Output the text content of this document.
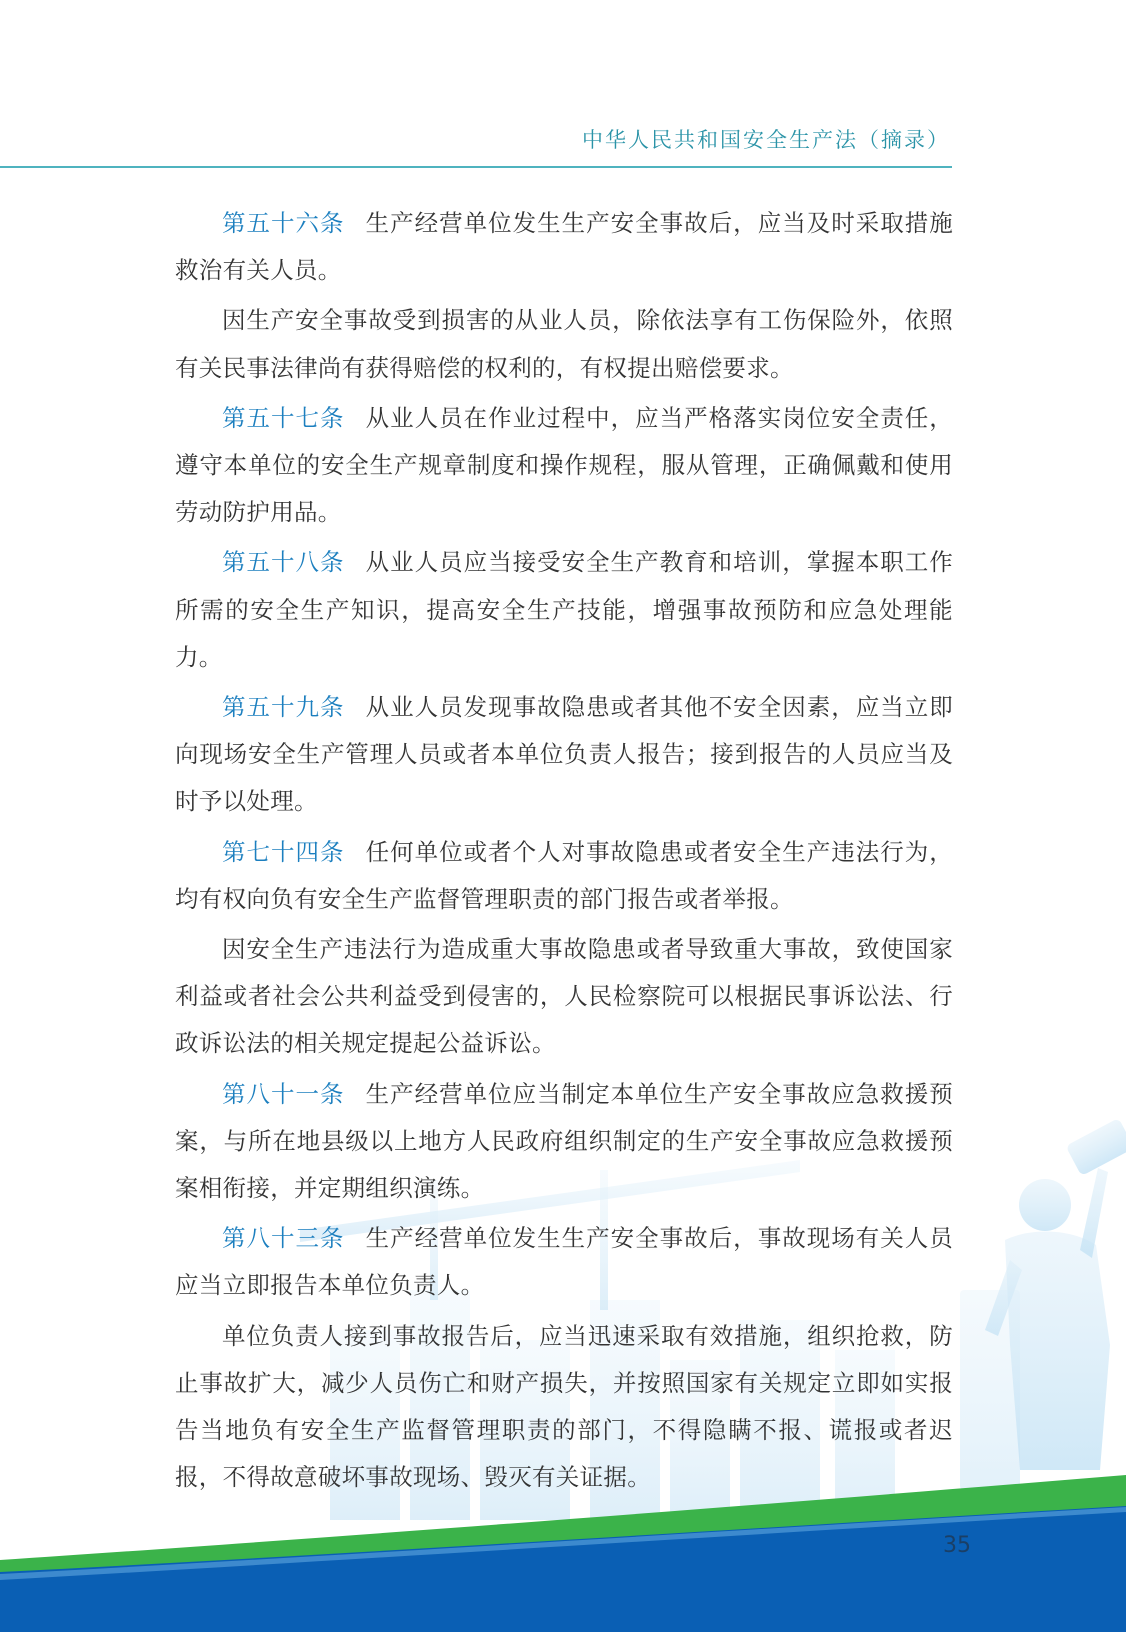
中华人民共和国安全生产法（摘录）

第五十六条 生产经营单位发生生产安全事故后，应当及时采取措施救治有关人员。

因生产安全事故受到损害的从业人员，除依法享有工伤保险外，依照有关民事法律尚有获得赔偿的权利的，有权提出赔偿要求。

第五十七条 从业人员在作业过程中，应当严格落实岗位安全责任，遵守本单位的安全生产规章制度和操作规程，服从管理，正确佩戴和使用劳动防护用品。

第五十八条 从业人员应当接受安全生产教育和培训，掌握本职工作所需的安全生产知识，提高安全生产技能，增强事故预防和应急处理能力。

第五十九条 从业人员发现事故隐患或者其他不安全因素，应当立即向现场安全生产管理人员或者本单位负责人报告；接到报告的人员应当及时予以处理。

第七十四条 任何单位或者个人对事故隐患或者安全生产违法行为，均有权向负有安全生产监督管理职责的部门报告或者举报。

因安全生产违法行为造成重大事故隐患或者导致重大事故，致使国家利益或者社会公共利益受到侵害的，人民检察院可以根据民事诉讼法、行政诉讼法的相关规定提起公益诉讼。

第八十一条 生产经营单位应当制定本单位生产安全事故应急救援预案，与所在地县级以上地方人民政府组织制定的生产安全事故应急救援预案相衔接，并定期组织演练。

第八十三条 生产经营单位发生生产安全事故后，事故现场有关人员应当立即报告本单位负责人。

单位负责人接到事故报告后，应当迅速采取有效措施，组织抢救，防止事故扩大，减少人员伤亡和财产损失，并按照国家有关规定立即如实报告当地负有安全生产监督管理职责的部门，不得隐瞒不报、谎报或者迟报，不得故意破坏事故现场、毁灭有关证据。

35
